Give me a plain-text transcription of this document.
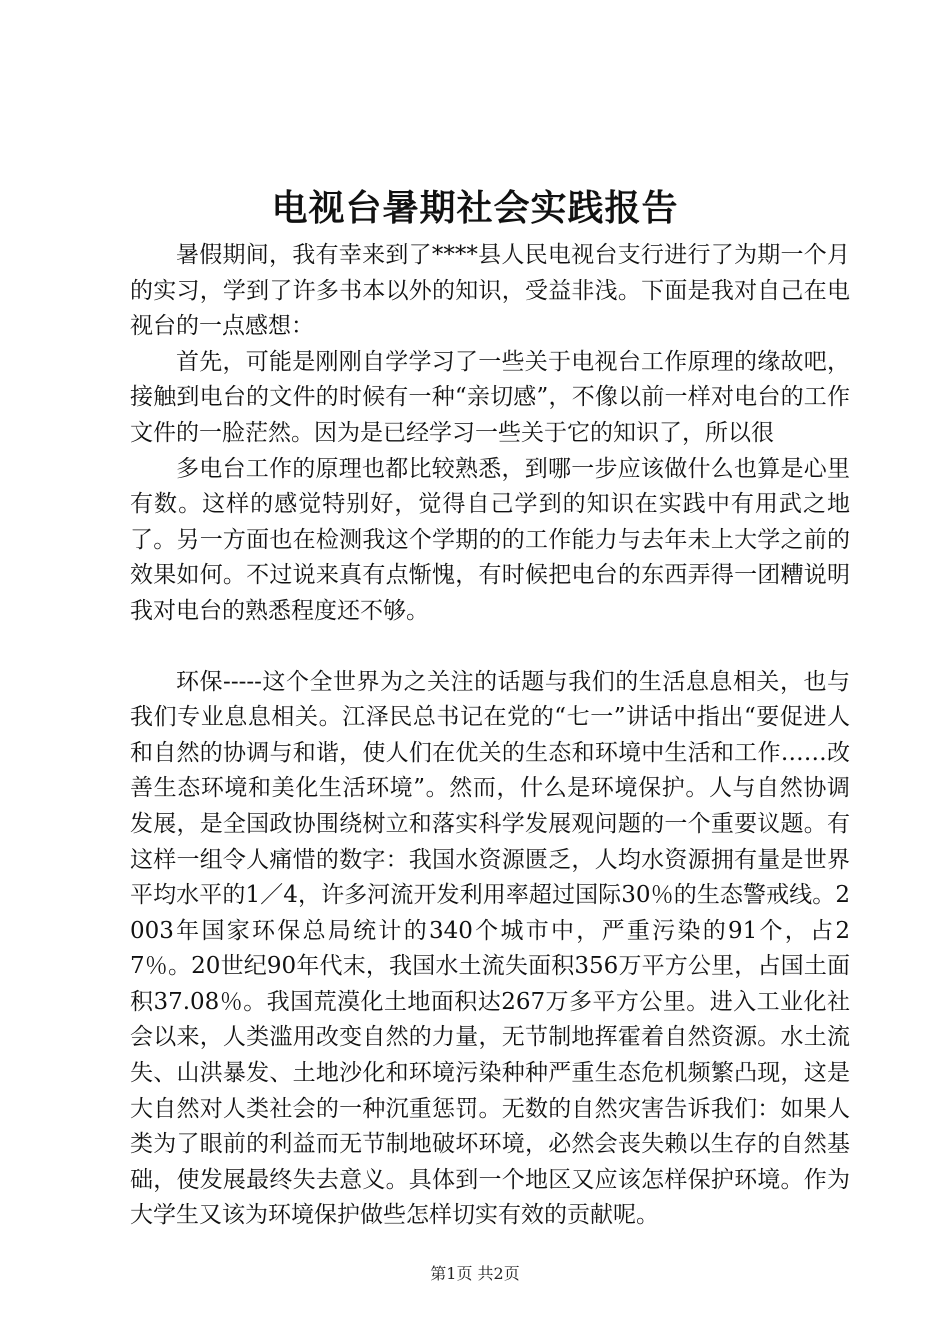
电视台暑期社会实践报告

暑假期间，我有幸来到了****县人民电视台支行进行了为期一个月的实习，学到了许多书本以外的知识，受益非浅。下面是我对自己在电视台的一点感想：

首先，可能是刚刚自学学习了一些关于电视台工作原理的缘故吧，接触到电台的文件的时候有一种“亲切感”，不像以前一样对电台的工作文件的一脸茫然。因为是已经学习一些关于它的知识了，所以很

多电台工作的原理也都比较熟悉，到哪一步应该做什么也算是心里有数。这样的感觉特别好，觉得自己学到的知识在实践中有用武之地了。另一方面也在检测我这个学期的的工作能力与去年未上大学之前的效果如何。不过说来真有点惭愧，有时候把电台的东西弄得一团糟说明我对电台的熟悉程度还不够。

环保-----这个全世界为之关注的话题与我们的生活息息相关，也与我们专业息息相关。江泽民总书记在党的“七一”讲话中指出“要促进人和自然的协调与和谐，使人们在优关的生态和环境中生活和工作……改善生态环境和美化生活环境”。然而，什么是环境保护。人与自然协调发展，是全国政协围绕树立和落实科学发展观问题的一个重要议题。有这样一组令人痛惜的数字：我国水资源匮乏，人均水资源拥有量是世界平均水平的1／4，许多河流开发利用率超过国际30％的生态警戒线。2003年国家环保总局统计的340个城市中，严重污染的91个，占27％。20世纪90年代末，我国水土流失面积356万平方公里，占国土面积37.08％。我国荒漠化土地面积达267万多平方公里。进入工业化社会以来，人类滥用改变自然的力量，无节制地挥霍着自然资源。水土流失、山洪暴发、土地沙化和环境污染种种严重生态危机频繁凸现，这是大自然对人类社会的一种沉重惩罚。无数的自然灾害告诉我们：如果人类为了眼前的利益而无节制地破坏环境，必然会丧失赖以生存的自然基础，使发展最终失去意义。具体到一个地区又应该怎样保护环境。作为大学生又该为环境保护做些怎样切实有效的贡献呢。

第1页 共2页
